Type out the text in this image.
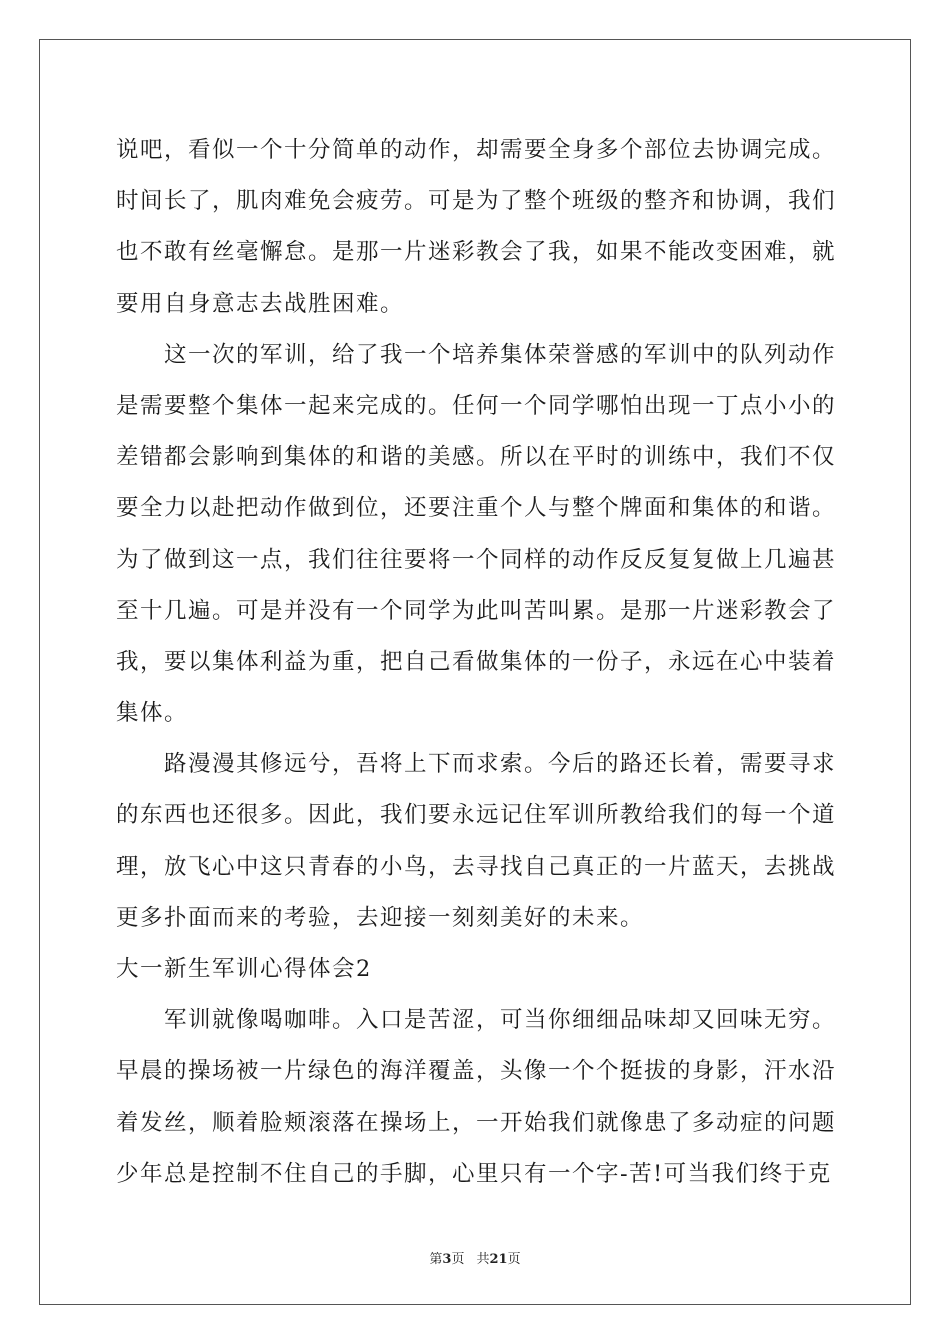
说吧，看似一个十分简单的动作，却需要全身多个部位去协调完成。
时间长了，肌肉难免会疲劳。可是为了整个班级的整齐和协调，我们
也不敢有丝毫懈怠。是那一片迷彩教会了我，如果不能改变困难，就
要用自身意志去战胜困难。
这一次的军训，给了我一个培养集体荣誉感的军训中的队列动作
是需要整个集体一起来完成的。任何一个同学哪怕出现一丁点小小的
差错都会影响到集体的和谐的美感。所以在平时的训练中，我们不仅
要全力以赴把动作做到位，还要注重个人与整个牌面和集体的和谐。
为了做到这一点，我们往往要将一个同样的动作反反复复做上几遍甚
至十几遍。可是并没有一个同学为此叫苦叫累。是那一片迷彩教会了
我，要以集体利益为重，把自己看做集体的一份子，永远在心中装着
集体。
路漫漫其修远兮，吾将上下而求索。今后的路还长着，需要寻求
的东西也还很多。因此，我们要永远记住军训所教给我们的每一个道
理，放飞心中这只青春的小鸟，去寻找自己真正的一片蓝天，去挑战
更多扑面而来的考验，去迎接一刻刻美好的未来。
大一新生军训心得体会2
军训就像喝咖啡。入口是苦涩，可当你细细品味却又回味无穷。
早晨的操场被一片绿色的海洋覆盖，头像一个个挺拔的身影，汗水沿
着发丝，顺着脸颊滚落在操场上，一开始我们就像患了多动症的问题
少年总是控制不住自己的手脚，心里只有一个字-苦!可当我们终于克
第3页 共21页
